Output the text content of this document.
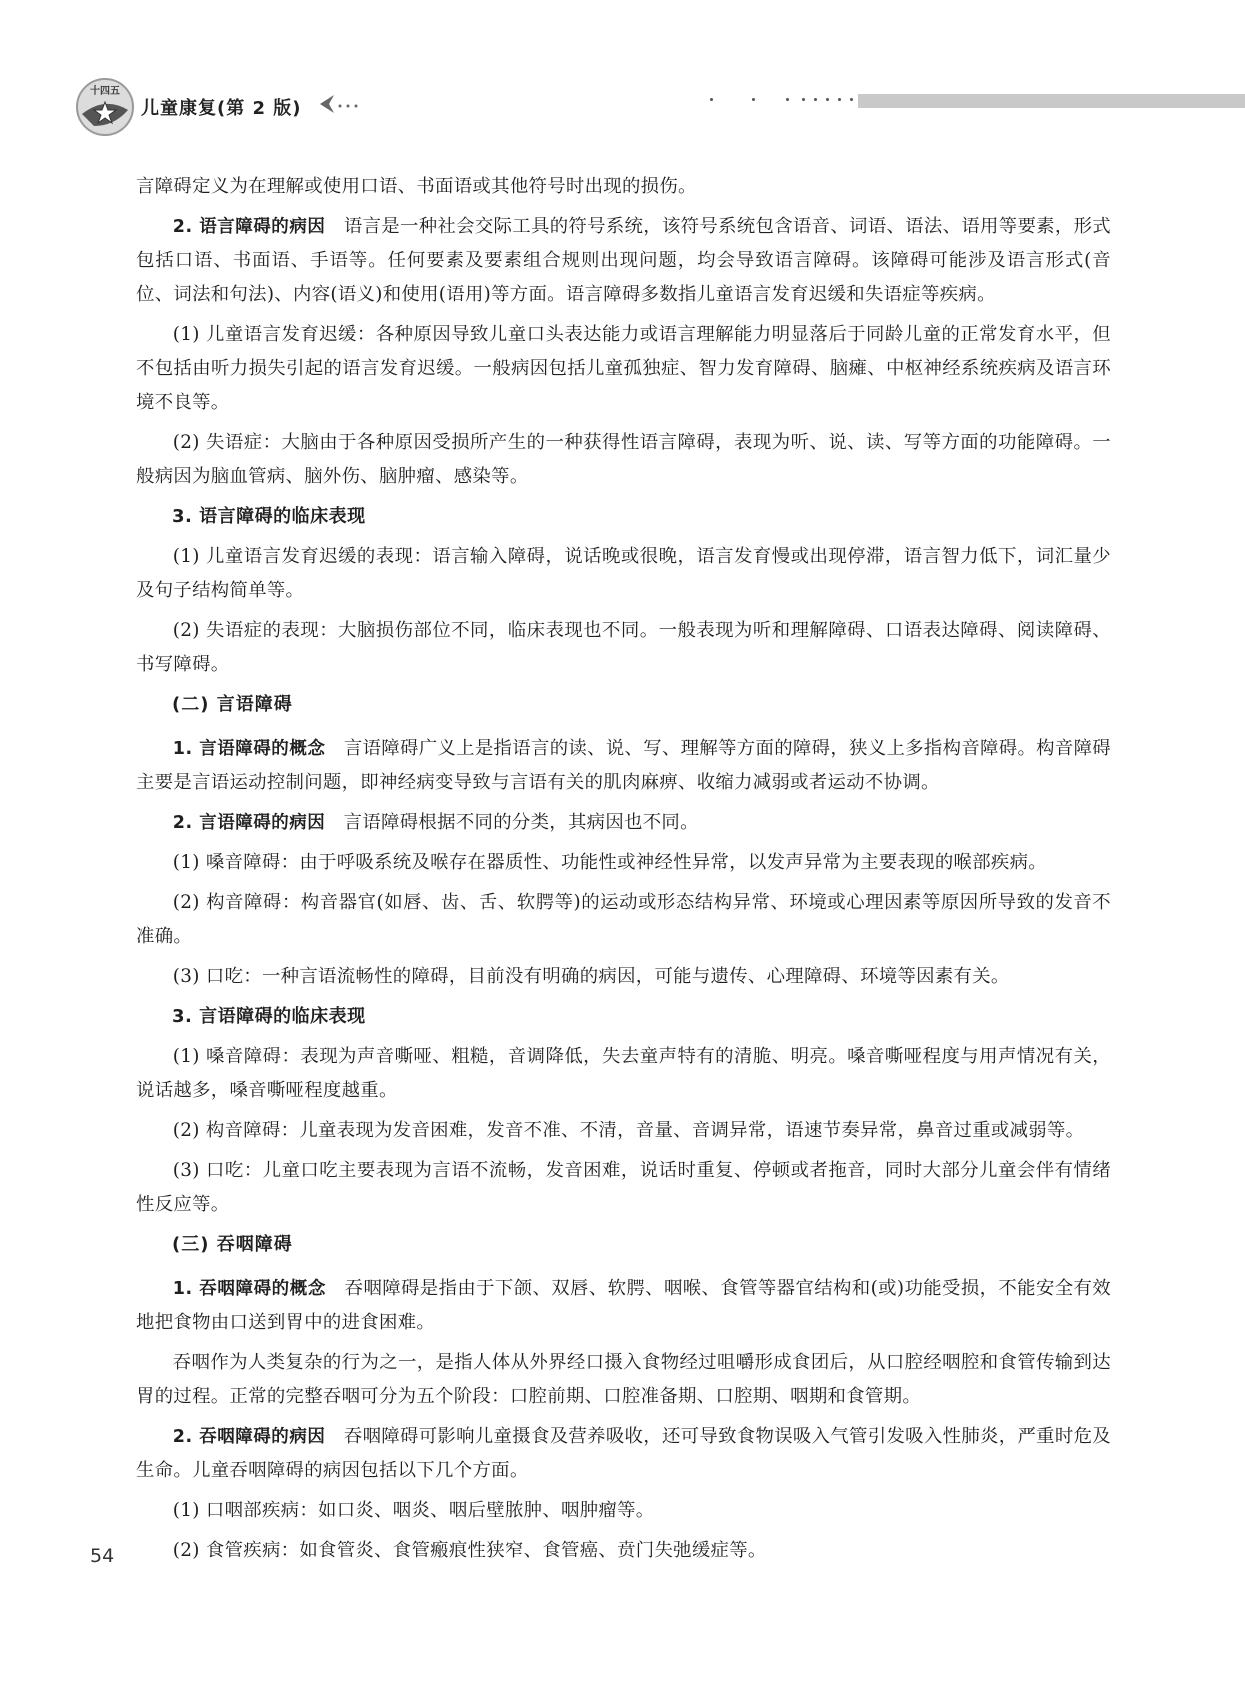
十四五
儿童康复(第 2 版)

言障碍定义为在理解或使用口语、书面语或其他符号时出现的损伤。

2. 语言障碍的病因 语言是一种社会交际工具的符号系统，该符号系统包含语音、词语、语法、语用等要素，形式包括口语、书面语、手语等。任何要素及要素组合规则出现问题，均会导致语言障碍。该障碍可能涉及语言形式(音位、词法和句法)、内容(语义)和使用(语用)等方面。语言障碍多数指儿童语言发育迟缓和失语症等疾病。

(1) 儿童语言发育迟缓：各种原因导致儿童口头表达能力或语言理解能力明显落后于同龄儿童的正常发育水平，但不包括由听力损失引起的语言发育迟缓。一般病因包括儿童孤独症、智力发育障碍、脑瘫、中枢神经系统疾病及语言环境不良等。

(2) 失语症：大脑由于各种原因受损所产生的一种获得性语言障碍，表现为听、说、读、写等方面的功能障碍。一般病因为脑血管病、脑外伤、脑肿瘤、感染等。

3. 语言障碍的临床表现

(1) 儿童语言发育迟缓的表现：语言输入障碍，说话晚或很晚，语言发育慢或出现停滞，语言智力低下，词汇量少及句子结构简单等。

(2) 失语症的表现：大脑损伤部位不同，临床表现也不同。一般表现为听和理解障碍、口语表达障碍、阅读障碍、书写障碍。

(二) 言语障碍

1. 言语障碍的概念 言语障碍广义上是指语言的读、说、写、理解等方面的障碍，狭义上多指构音障碍。构音障碍主要是言语运动控制问题，即神经病变导致与言语有关的肌肉麻痹、收缩力减弱或者运动不协调。

2. 言语障碍的病因 言语障碍根据不同的分类，其病因也不同。

(1) 嗓音障碍：由于呼吸系统及喉存在器质性、功能性或神经性异常，以发声异常为主要表现的喉部疾病。

(2) 构音障碍：构音器官(如唇、齿、舌、软腭等)的运动或形态结构异常、环境或心理因素等原因所导致的发音不准确。

(3) 口吃：一种言语流畅性的障碍，目前没有明确的病因，可能与遗传、心理障碍、环境等因素有关。

3. 言语障碍的临床表现

(1) 嗓音障碍：表现为声音嘶哑、粗糙，音调降低，失去童声特有的清脆、明亮。嗓音嘶哑程度与用声情况有关，说话越多，嗓音嘶哑程度越重。

(2) 构音障碍：儿童表现为发音困难，发音不准、不清，音量、音调异常，语速节奏异常，鼻音过重或减弱等。

(3) 口吃：儿童口吃主要表现为言语不流畅，发音困难，说话时重复、停顿或者拖音，同时大部分儿童会伴有情绪性反应等。

(三) 吞咽障碍

1. 吞咽障碍的概念 吞咽障碍是指由于下颌、双唇、软腭、咽喉、食管等器官结构和(或)功能受损，不能安全有效地把食物由口送到胃中的进食困难。

吞咽作为人类复杂的行为之一，是指人体从外界经口摄入食物经过咀嚼形成食团后，从口腔经咽腔和食管传输到达胃的过程。正常的完整吞咽可分为五个阶段：口腔前期、口腔准备期、口腔期、咽期和食管期。

2. 吞咽障碍的病因 吞咽障碍可影响儿童摄食及营养吸收，还可导致食物误吸入气管引发吸入性肺炎，严重时危及生命。儿童吞咽障碍的病因包括以下几个方面。

(1) 口咽部疾病：如口炎、咽炎、咽后壁脓肿、咽肿瘤等。

(2) 食管疾病：如食管炎、食管瘢痕性狭窄、食管癌、贲门失弛缓症等。

54
